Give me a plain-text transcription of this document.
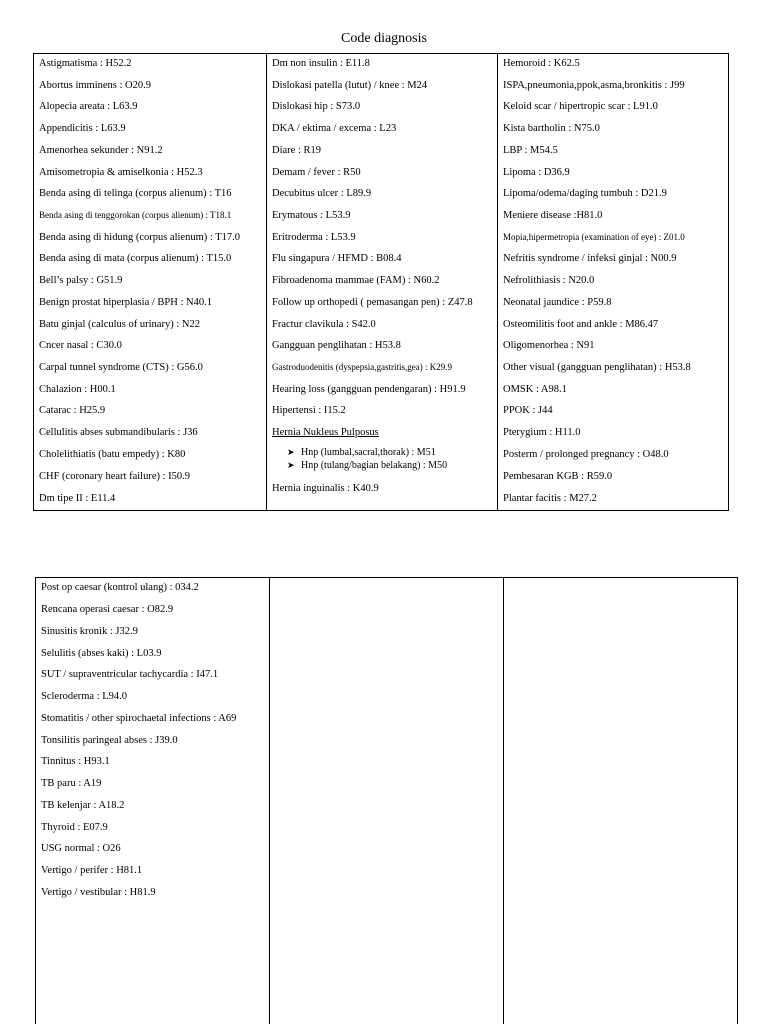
Code diagnosis
Astigmatisma : H52.2
Abortus imminens : O20.9
Alopecia areata : L63.9
Appendicitis : L63.9
Amenorhea sekunder : N91.2
Amisometropia & amiselkonia : H52.3
Benda asing di telinga (corpus alienum) : T16
Benda asing di tenggorokan (corpus alienum) : T18.1
Benda asing di hidung (corpus alienum) : T17.0
Benda asing di mata (corpus alienum) : T15.0
Bell’s palsy : G51.9
Benign prostat hiperplasia / BPH : N40.1
Batu ginjal (calculus of urinary) : N22
Cncer nasal : C30.0
Carpal tunnel syndrome (CTS) : G56.0
Chalazion : H00.1
Catarac : H25.9
Cellulitis abses submandibularis : J36
Cholelithiatis (batu empedy) : K80
CHF (coronary heart failure) : I50.9
Dm tipe II : E11.4
Dm non insulin : E11.8
Dislokasi patella (lutut) / knee : M24
Dislokasi hip : S73.0
DKA / ektima / excema : L23
Diare : R19
Demam / fever : R50
Decubitus ulcer : L89.9
Erymatous : L53.9
Eritroderma : L53.9
Flu singapura / HFMD : B08.4
Fibroadenoma mammae (FAM) : N60.2
Follow up orthopedi ( pemasangan pen) : Z47.8
Fractur clavikula : S42.0
Gangguan penglihatan : H53.8
Gastroduodenitis (dyspepsia,gastritis,gea) : K29.9
Hearing loss (gangguan pendengaran) : H91.9
Hipertensi : I15.2
Hernia Nukleus Pulposus
➤ Hnp (lumbal,sacral,thorak) : M51
➤ Hnp (tulang/bagian belakang) : M50
Hernia inguinalis : K40.9
Hemoroid : K62.5
ISPA,pneumonia,ppok,asma,bronkitis : J99
Keloid scar / hipertropic scar : L91.0
Kista bartholin : N75.0
LBP : M54.5
Lipoma : D36.9
Lipoma/odema/daging tumbuh : D21.9
Meniere disease :H81.0
Mopia,hipermetropia (examination of eye) : Z01.0
Nefritis syndrome / infeksi ginjal : N00.9
Nefrolithiasis : N20.0
Neonatal jaundice : P59.8
Osteomilitis foot and ankle : M86.47
Oligomenorhea : N91
Other visual (gangguan penglihatan) : H53.8
OMSK : A98.1
PPOK : J44
Pterygium : H11.0
Posterm / prolonged pregnancy : O48.0
Pembesaran KGB : R59.0
Plantar facitis : M27.2
Post op caesar (kontrol ulang) : 034.2
Rencana operasi caesar : O82.9
Sinusitis kronik : J32.9
Selulitis (abses kaki) : L03.9
SUT / supraventricular tachycardia : I47.1
Scleroderma : L94.0
Stomatitis / other spirochaetal infections : A69
Tonsilitis paringeal abses : J39.0
Tinnitus : H93.1
TB paru : A19
TB kelenjar : A18.2
Thyroid : E07.9
USG normal : O26
Vertigo / perifer : H81.1
Vertigo / vestibular : H81.9
